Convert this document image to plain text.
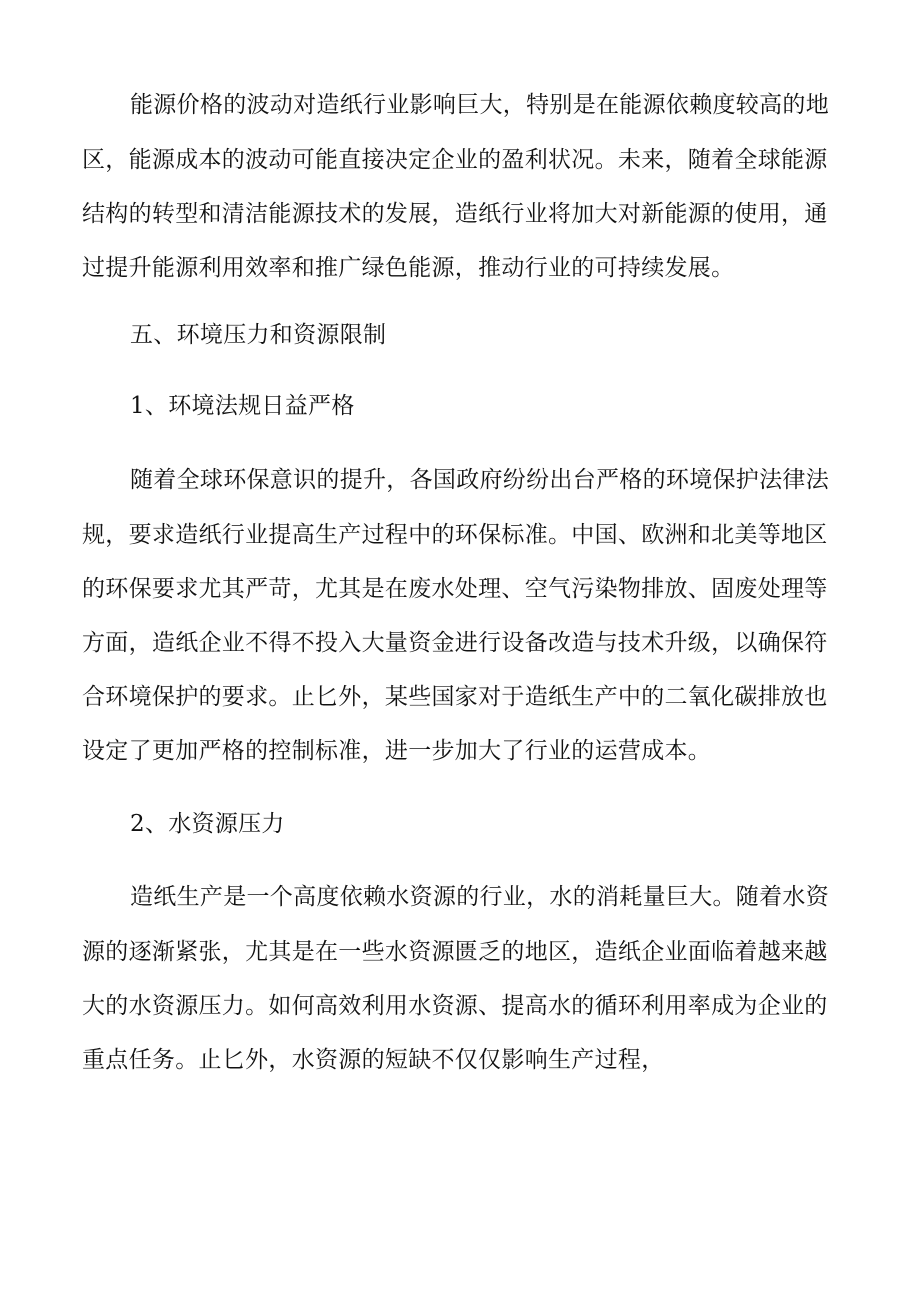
能源价格的波动对造纸行业影响巨大，特别是在能源依赖度较高的地
区，能源成本的波动可能直接决定企业的盈利状况。未来，随着全球能源
结构的转型和清洁能源技术的发展，造纸行业将加大对新能源的使用，通
过提升能源利用效率和推广绿色能源，推动行业的可持续发展。
五、环境压力和资源限制
1、环境法规日益严格
随着全球环保意识的提升，各国政府纷纷出台严格的环境保护法律法
规，要求造纸行业提高生产过程中的环保标准。中国、欧洲和北美等地区
的环保要求尤其严苛，尤其是在废水处理、空气污染物排放、固废处理等
方面，造纸企业不得不投入大量资金进行设备改造与技术升级，以确保符
合环境保护的要求。止匕外，某些国家对于造纸生产中的二氧化碳排放也
设定了更加严格的控制标准，进一步加大了行业的运营成本。
2、水资源压力
造纸生产是一个高度依赖水资源的行业，水的消耗量巨大。随着水资
源的逐渐紧张，尤其是在一些水资源匮乏的地区，造纸企业面临着越来越
大的水资源压力。如何高效利用水资源、提高水的循环利用率成为企业的
重点任务。止匕外，水资源的短缺不仅仅影响生产过程，
